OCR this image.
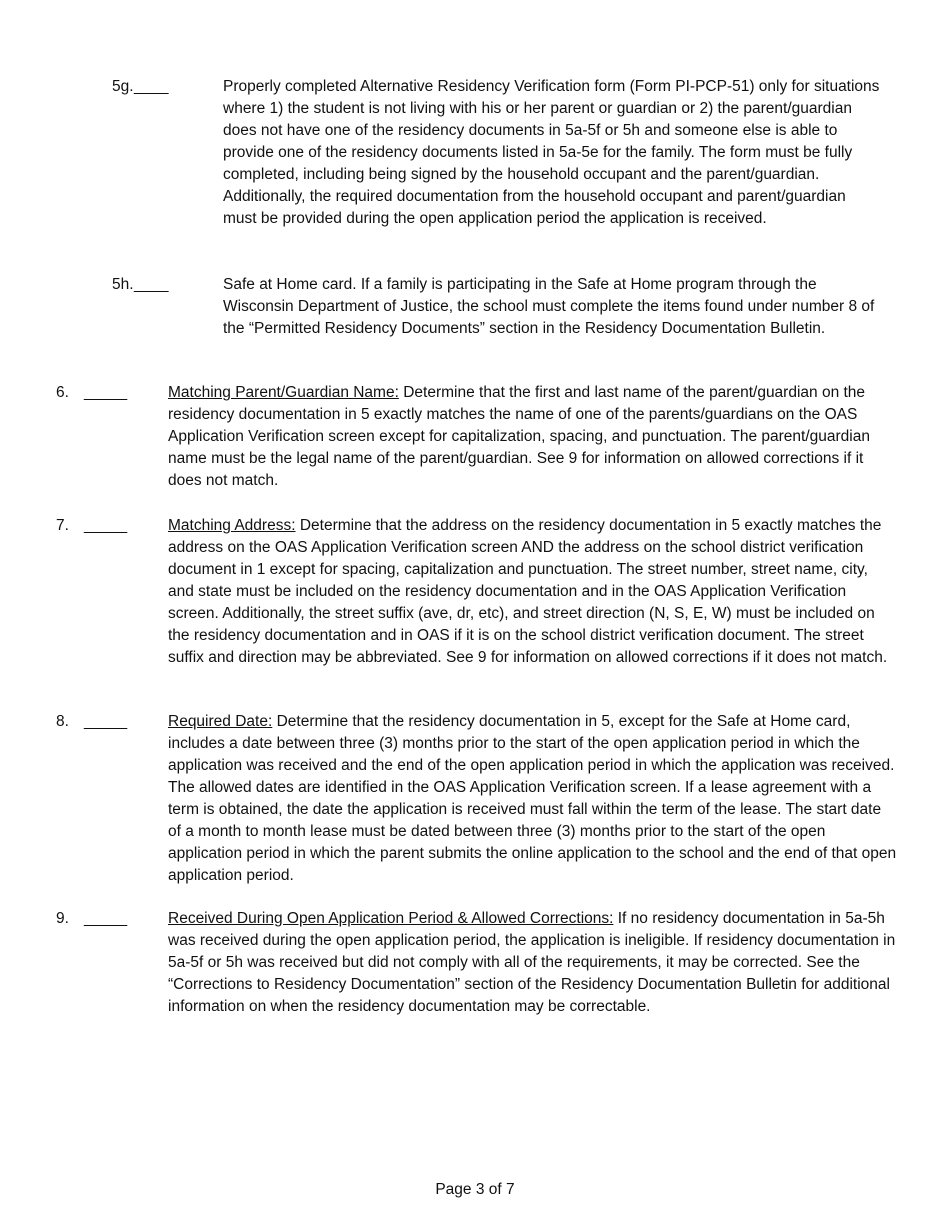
5g. ____	Properly completed Alternative Residency Verification form (Form PI-PCP-51) only for situations where 1) the student is not living with his or her parent or guardian or 2) the parent/guardian does not have one of the residency documents in 5a-5f or 5h and someone else is able to provide one of the residency documents listed in 5a-5e for the family. The form must be fully completed, including being signed by the household occupant and the parent/guardian. Additionally, the required documentation from the household occupant and parent/guardian must be provided during the open application period the application is received.

5h. ____	Safe at Home card. If a family is participating in the Safe at Home program through the Wisconsin Department of Justice, the school must complete the items found under number 8 of the “Permitted Residency Documents” section in the Residency Documentation Bulletin.

6. _____	Matching Parent/Guardian Name: Determine that the first and last name of the parent/guardian on the residency documentation in 5 exactly matches the name of one of the parents/guardians on the OAS Application Verification screen except for capitalization, spacing, and punctuation. The parent/guardian name must be the legal name of the parent/guardian. See 9 for information on allowed corrections if it does not match.

7. _____	Matching Address: Determine that the address on the residency documentation in 5 exactly matches the address on the OAS Application Verification screen AND the address on the school district verification document in 1 except for spacing, capitalization and punctuation. The street number, street name, city, and state must be included on the residency documentation and in the OAS Application Verification screen. Additionally, the street suffix (ave, dr, etc), and street direction (N, S, E, W) must be included on the residency documentation and in OAS if it is on the school district verification document. The street suffix and direction may be abbreviated. See 9 for information on allowed corrections if it does not match.

8. _____	Required Date: Determine that the residency documentation in 5, except for the Safe at Home card, includes a date between three (3) months prior to the start of the open application period in which the application was received and the end of the open application period in which the application was received. The allowed dates are identified in the OAS Application Verification screen. If a lease agreement with a term is obtained, the date the application is received must fall within the term of the lease. The start date of a month to month lease must be dated between three (3) months prior to the start of the open application period in which the parent submits the online application to the school and the end of that open application period.

9. _____	Received During Open Application Period & Allowed Corrections: If no residency documentation in 5a-5h was received during the open application period, the application is ineligible. If residency documentation in 5a-5f or 5h was received but did not comply with all of the requirements, it may be corrected. See the “Corrections to Residency Documentation” section of the Residency Documentation Bulletin for additional information on when the residency documentation may be correctable.

Page 3 of 7
